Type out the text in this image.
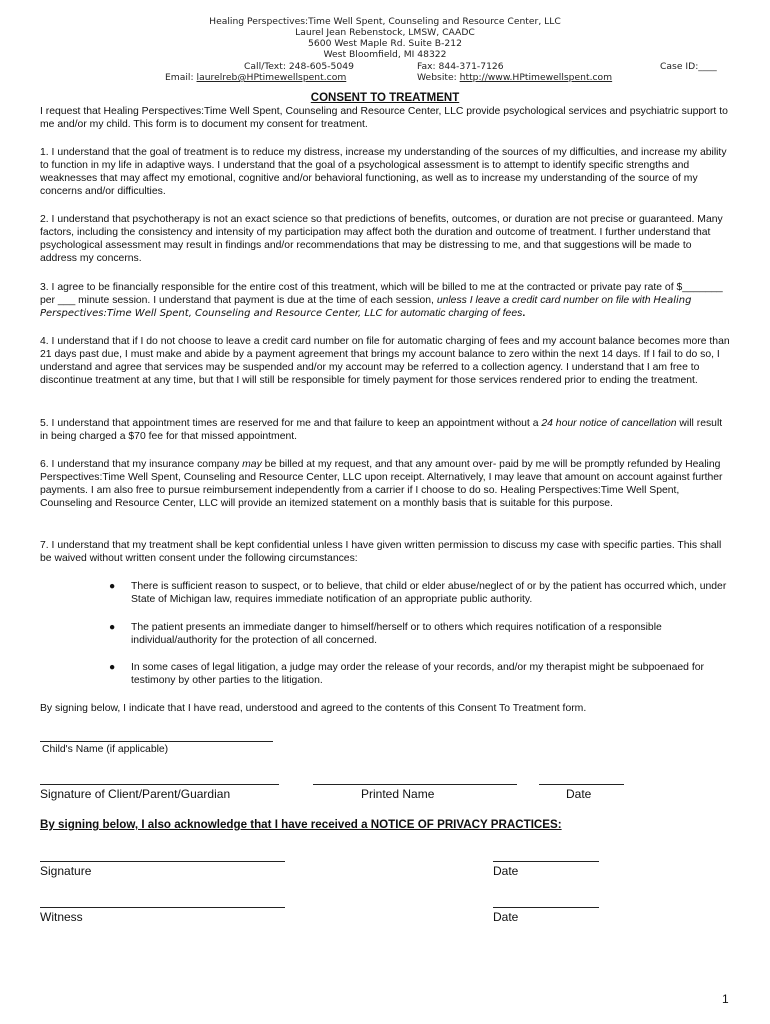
Healing Perspectives:Time Well Spent, Counseling and Resource Center, LLC
Laurel Jean Rebenstock, LMSW, CAADC
5600 West Maple Rd. Suite B-212
West Bloomfield, MI 48322
Call/Text: 248-605-5049	Fax: 844-371-7126	Case ID:____
Email: laurelreb@HPtimewellspent.com	Website: http://www.HPtimewellspent.com
CONSENT TO TREATMENT
I request that Healing Perspectives:Time Well Spent, Counseling and Resource Center, LLC provide psychological services and psychiatric support to me and/or my child. This form is to document my consent for treatment.
1. I understand that the goal of treatment is to reduce my distress, increase my understanding of the sources of my difficulties, and increase my ability to function in my life in adaptive ways. I understand that the goal of a psychological assessment is to attempt to identify specific strengths and weaknesses that may affect my emotional, cognitive and/or behavioral functioning, as well as to increase my understanding of the source of my concerns and/or difficulties.
2. I understand that psychotherapy is not an exact science so that predictions of benefits, outcomes, or duration are not precise or guaranteed. Many factors, including the consistency and intensity of my participation may affect both the duration and outcome of treatment. I further understand that psychological assessment may result in findings and/or recommendations that may be distressing to me, and that suggestions will be made to address my concerns.
3. I agree to be financially responsible for the entire cost of this treatment, which will be billed to me at the contracted or private pay rate of $_______ per ___ minute session. I understand that payment is due at the time of each session, unless I leave a credit card number on file with Healing Perspectives:Time Well Spent, Counseling and Resource Center, LLC for automatic charging of fees.
4. I understand that if I do not choose to leave a credit card number on file for automatic charging of fees and my account balance becomes more than 21 days past due, I must make and abide by a payment agreement that brings my account balance to zero within the next 14 days. If I fail to do so, I understand and agree that services may be suspended and/or my account may be referred to a collection agency. I understand that I am free to discontinue treatment at any time, but that I will still be responsible for timely payment for those services rendered prior to ending the treatment.
5. I understand that appointment times are reserved for me and that failure to keep an appointment without a 24 hour notice of cancellation will result in being charged a $70 fee for that missed appointment.
6. I understand that my insurance company may be billed at my request, and that any amount over- paid by me will be promptly refunded by Healing Perspectives:Time Well Spent, Counseling and Resource Center, LLC upon receipt. Alternatively, I may leave that amount on account against further payments. I am also free to pursue reimbursement independently from a carrier if I choose to do so. Healing Perspectives:Time Well Spent, Counseling and Resource Center, LLC will provide an itemized statement on a monthly basis that is suitable for this purpose.
7. I understand that my treatment shall be kept confidential unless I have given written permission to discuss my case with specific parties. This shall be waived without written consent under the following circumstances:
● There is sufficient reason to suspect, or to believe, that child or elder abuse/neglect of or by the patient has occurred which, under State of Michigan law, requires immediate notification of an appropriate public authority.
● The patient presents an immediate danger to himself/herself or to others which requires notification of a responsible individual/authority for the protection of all concerned.
● In some cases of legal litigation, a judge may order the release of your records, and/or my therapist might be subpoenaed for testimony by other parties to the litigation.
By signing below, I indicate that I have read, understood and agreed to the contents of this Consent To Treatment form.
Child's Name (if applicable)
Signature of Client/Parent/Guardian	Printed Name	Date
By signing below, I also acknowledge that I have received a NOTICE OF PRIVACY PRACTICES:
Signature	Date
Witness	Date
1
